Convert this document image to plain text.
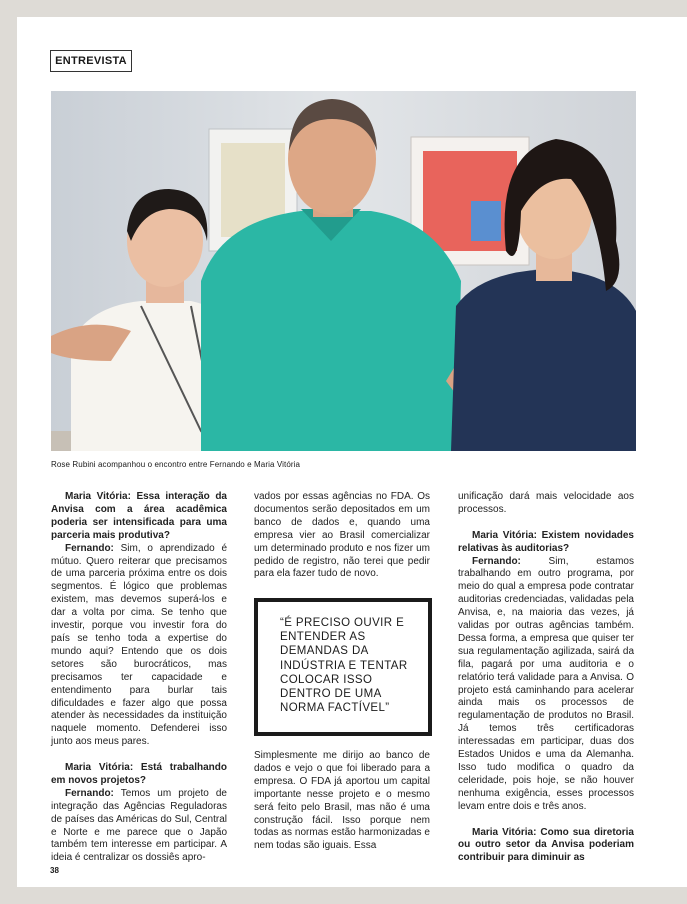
ENTREVISTA
Rose Rubini acompanhou o encontro entre Fernando e Maria Vitória

Maria Vitória: Essa interação da Anvisa com a área acadêmica poderia ser intensificada para uma parceria mais produtiva?

Fernando: Sim, o aprendizado é mútuo. Quero reiterar que precisamos de uma parceria próxima entre os dois segmentos. É lógico que problemas existem, mas devemos superá-los e dar a volta por cima. Se tenho que investir, porque vou investir fora do país se tenho toda a expertise do mundo aqui? Entendo que os dois setores são burocráticos, mas precisamos ter capacidade e entendimento para burlar tais dificuldades e fazer algo que possa atender às necessidades da instituição naquele momento. Defenderei isso junto aos meus pares.

Maria Vitória: Está trabalhando em novos projetos?

Fernando: Temos um projeto de integração das Agências Reguladoras de países das Américas do Sul, Central e Norte e me parece que o Japão também tem interesse em participar. A ideia é centralizar os dossiês apro-

vados por essas agências no FDA. Os documentos serão depositados em um banco de dados e, quando uma empresa vier ao Brasil comercializar um determinado produto e nos fizer um pedido de registro, não terei que pedir para ela fazer tudo de novo.

“É PRECISO OUVIR E ENTENDER AS DEMANDAS DA INDÚSTRIA E TENTAR COLOCAR ISSO DENTRO DE UMA NORMA FACTÍVEL”

Simplesmente me dirijo ao banco de dados e vejo o que foi liberado para a empresa. O FDA já aportou um capital importante nesse projeto e o mesmo será feito pelo Brasil, mas não é uma construção fácil. Isso porque nem todas as normas estão harmonizadas e nem todas são iguais. Essa

unificação dará mais velocidade aos processos.

Maria Vitória: Existem novidades relativas às auditorias?

Fernando: Sim, estamos trabalhando em outro programa, por meio do qual a empresa pode contratar auditorias credenciadas, validadas pela Anvisa, e, na maioria das vezes, já validas por outras agências também. Dessa forma, a empresa que quiser ter sua regulamentação agilizada, sairá da fila, pagará por uma auditoria e o relatório terá validade para a Anvisa. O projeto está caminhando para acelerar ainda mais os processos de regulamentação de produtos no Brasil. Já temos três certificadoras interessadas em participar, duas dos Estados Unidos e uma da Alemanha. Isso tudo modifica o quadro da celeridade, pois hoje, se não houver nenhuma exigência, esses processos levam entre dois e três anos.

Maria Vitória: Como sua diretoria ou outro setor da Anvisa poderiam contribuir para diminuir as

38
